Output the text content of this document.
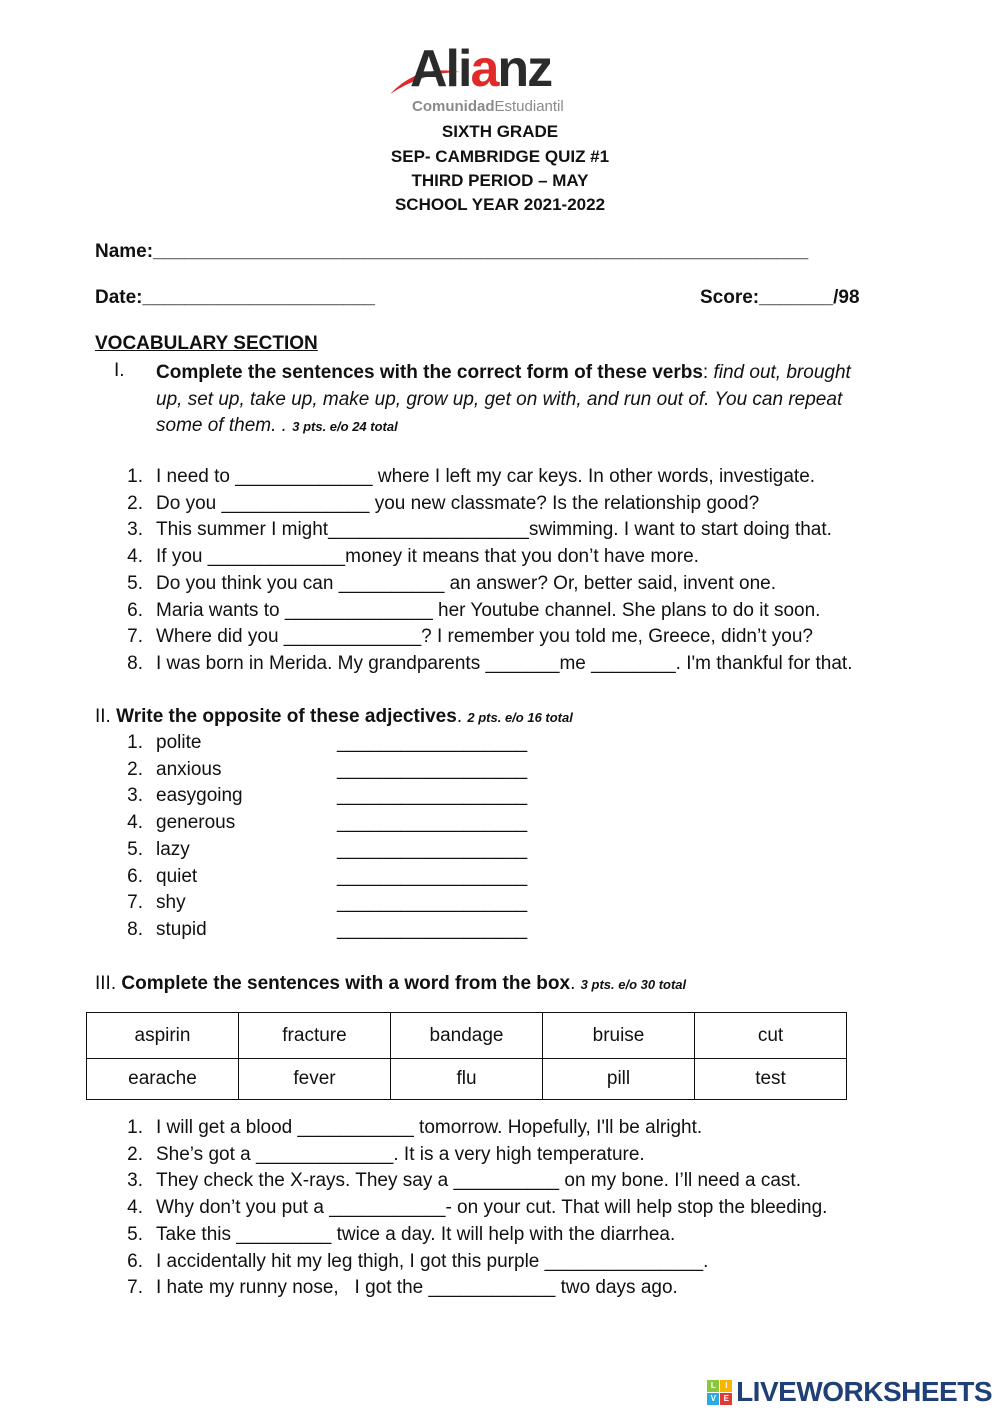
Alianz
ComunidadEstudiantil
SIXTH GRADE
SEP- CAMBRIDGE QUIZ #1
THIRD PERIOD – MAY
SCHOOL YEAR 2021-2022
Name:______________________________________________________________
Date:______________________	Score:_______/98
VOCABULARY SECTION
I. Complete the sentences with the correct form of these verbs: find out, brought
up, set up, take up, make up, grow up, get on with, and run out of. You can repeat
some of them. . 3 pts. e/o 24 total
II. Write the opposite of these adjectives. 2 pts. e/o 16 total
III. Complete the sentences with a word from the box. 3 pts. e/o 30 total
aspirin	fracture	bandage	bruise	cut
earache	fever	flu	pill	test
L	I
V	E LIVEWORKSHEETS
1. I need to _____________ where I left my car keys. In other words, investigate.
2. Do you ______________ you new classmate? Is the relationship good?
3. This summer I might___________________swimming. I want to start doing that.
4. If you _____________money it means that you don’t have more.
5. Do you think you can __________ an answer? Or, better said, invent one.
6. Maria wants to ______________ her Youtube channel. She plans to do it soon.
7. Where did you _____________? I remember you told me, Greece, didn’t you?
8. I was born in Merida. My grandparents _______me ________. I'm thankful for that.
1. polite	__________________
2. anxious	__________________
3. easygoing	__________________
4. generous	__________________
5. lazy	__________________
6. quiet	__________________
7. shy	__________________
8. stupid	__________________
1. I will get a blood ___________ tomorrow. Hopefully, I'll be alright.
2. She’s got a _____________. It is a very high temperature.
3. They check the X-rays. They say a __________ on my bone. I’ll need a cast.
4. Why don’t you put a ___________- on your cut. That will help stop the bleeding.
5. Take this _________ twice a day. It will help with the diarrhea.
6. I accidentally hit my leg thigh, I got this purple _______________.
7. I hate my runny nose,   I got the ____________ two days ago.
